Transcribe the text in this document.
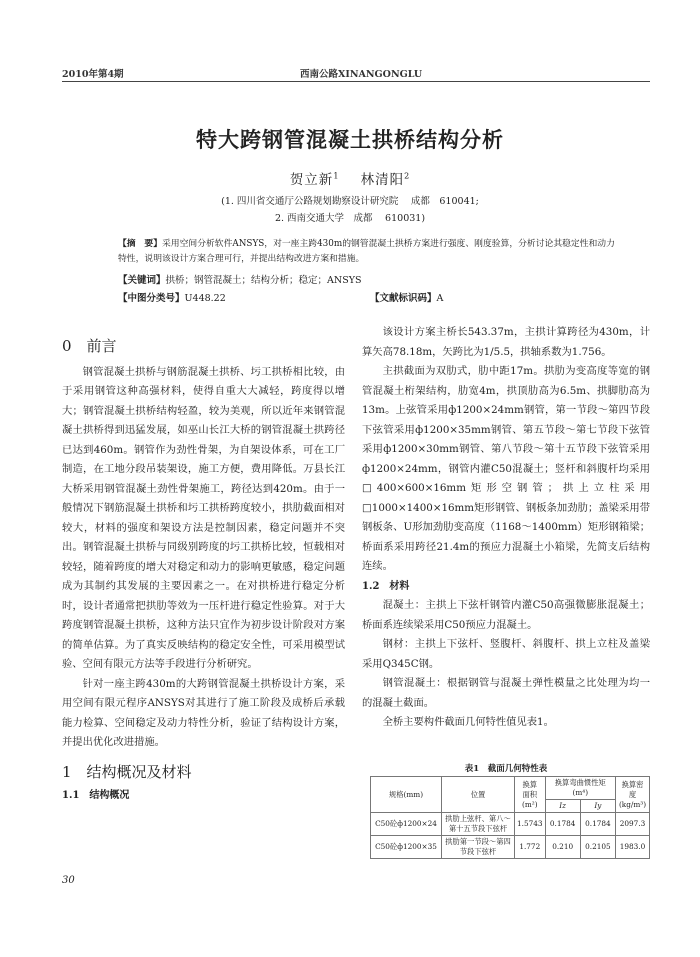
2010年第4期	西南公路XINANGONGLU
特大跨钢管混凝土拱桥结构分析
贺立新$^1$ 林清阳$^2$
(1. 四川省交通厅公路规划勘察设计研究院　 成都　610041;
2. 西南交通大学　成都　 610031)
【摘　要】采用空间分析软件ANSYS，对一座主跨430m的钢管混凝土拱桥方案进行强度、刚度验算，分析讨论其稳定性和动力特性，说明该设计方案合理可行，并提出结构改进方案和措施。
【关键词】拱桥；钢管混凝土；结构分析；稳定；ANSYS
【中图分类号】U448.22	【文献标识码】A
0　前言

钢管混凝土拱桥与钢筋混凝土拱桥、圬工拱桥相比较，由于采用钢管这种高强材料，使得自重大大减轻，跨度得以增大；钢管混凝土拱桥结构轻盈，较为美观，所以近年来钢管混凝土拱桥得到迅猛发展，如巫山长江大桥的钢管混凝土拱跨径已达到460m。钢管作为劲性骨架，为自架设体系，可在工厂制造，在工地分段吊装架设，施工方便，费用降低。万县长江大桥采用钢管混凝土劲性骨架施工，跨径达到420m。由于一般情况下钢筋混凝土拱桥和圬工拱桥跨度较小，拱肋截面相对较大，材料的强度和架设方法是控制因素，稳定问题并不突出。钢管混凝土拱桥与同级别跨度的圬工拱桥比较，恒载相对较轻，随着跨度的增大对稳定和动力的影响更敏感，稳定问题成为其制约其发展的主要因素之一。在对拱桥进行稳定分析时，设计者通常把拱肋等效为一压杆进行稳定性验算。对于大跨度钢管混凝土拱桥，这种方法只宜作为初步设计阶段对方案的简单估算。为了真实反映结构的稳定安全性，可采用模型试验、空间有限元方法等手段进行分析研究。

针对一座主跨430m的大跨钢管混凝土拱桥设计方案，采用空间有限元程序ANSYS对其进行了施工阶段及成桥后承载能力检算、空间稳定及动力特性分析，验证了结构设计方案，并提出优化改进措施。

1　结构概况及材料
1.1　结构概况

该设计方案主桥长543.37m，主拱计算跨径为430m，计算矢高78.18m，矢跨比为1/5.5，拱轴系数为1.756。

主拱截面为双肋式，肋中距17m。拱肋为变高度等宽的钢管混凝土桁架结构，肋宽4m，拱顶肋高为6.5m、拱脚肋高为13m。上弦管采用ф1200×24mm钢管，第一节段～第四节段下弦管采用ф1200×35mm钢管、第五节段～第七节段下弦管采用ф1200×30mm钢管、第八节段～第十五节段下弦管采用ф1200×24mm，钢管内灌C50混凝土；竖杆和斜腹杆均采用□400×600×16mm矩形空钢管；拱上立柱采用□1000×1400×16mm矩形钢管、钢板条加劲肋；盖梁采用带钢板条、U形加劲肋变高度（1168～1400mm）矩形钢箱梁；桥面系采用跨径21.4m的预应力混凝土小箱梁，先简支后结构连续。

1.2　材料

混凝土：主拱上下弦杆钢管内灌C50高强微膨胀混凝土；桥面系连续梁采用C50预应力混凝土。

钢材：主拱上下弦杆、竖腹杆、斜腹杆、拱上立柱及盖梁采用Q345C钢。

钢管混凝土：根据钢管与混凝土弹性模量之比处理为均一的混凝土截面。

全桥主要构件截面几何特性值见表1。

表1　截面几何特性表
规格(mm)	位置	换算
面积
(m²)	换算弯曲惯性矩(m⁴)		换算密度
(kg/m³)
			Iz	Iy	
C50砼ф1200×24	拱肋上弦杆、第八～第十五节段下弦杆	1.5743	0.1784	0.1784	2097.3
C50砼ф1200×35	拱肋第一节段～第四节段下弦杆	1.772	0.210	0.2105	1983.0
30
